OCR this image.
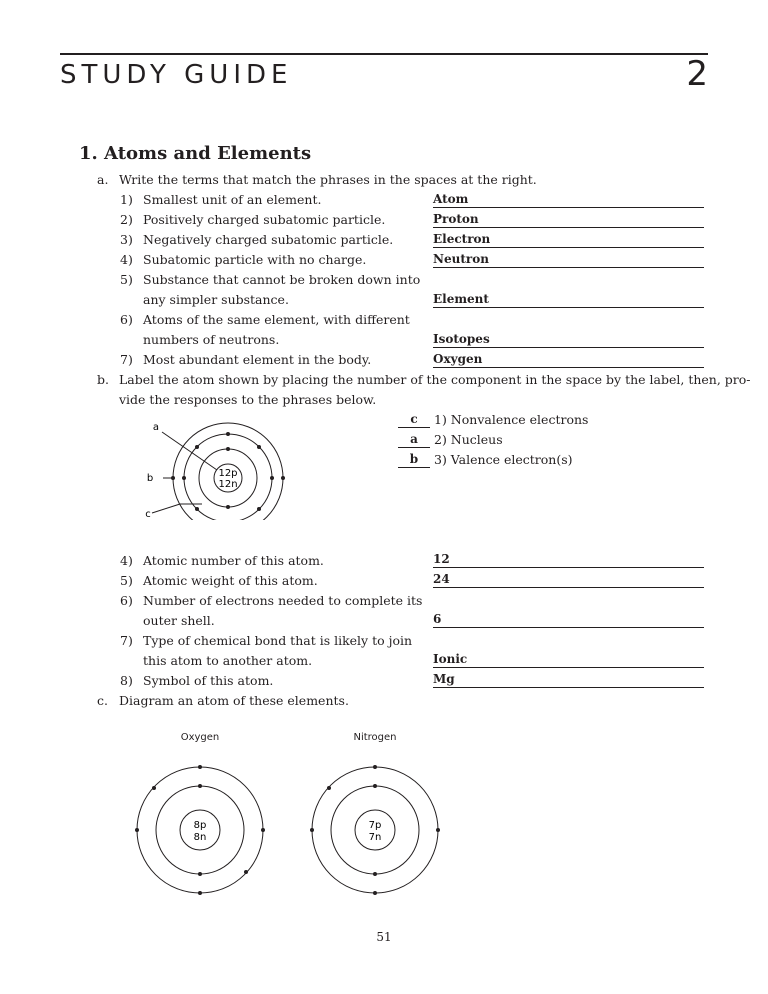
STUDY GUIDE	2
1. Atoms and Elements
a. Write the terms that match the phrases in the spaces at the right.
1) Smallest unit of an element.	Atom
2) Positively charged subatomic particle.	Proton
3) Negatively charged subatomic particle.	Electron
4) Subatomic particle with no charge.	Neutron
5) Substance that cannot be broken down into
any simpler substance.	Element
6) Atoms of the same element, with different
numbers of neutrons.	Isotopes
7) Most abundant element in the body.	Oxygen
b. Label the atom shown by placing the number of the component in the space by the label, then, pro-
vide the responses to the phrases below.
12p
12n
a
b
c
c	1) Nonvalence electrons
a	2) Nucleus
b	3) Valence electron(s)
4) Atomic number of this atom.	12
5) Atomic weight of this atom.	24
6) Number of electrons needed to complete its
outer shell.	6
7) Type of chemical bond that is likely to join
this atom to another atom.	Ionic
8) Symbol of this atom.	Mg
c. Diagram an atom of these elements.
Oxygen	Nitrogen
8p
8n
7p
7n
51
